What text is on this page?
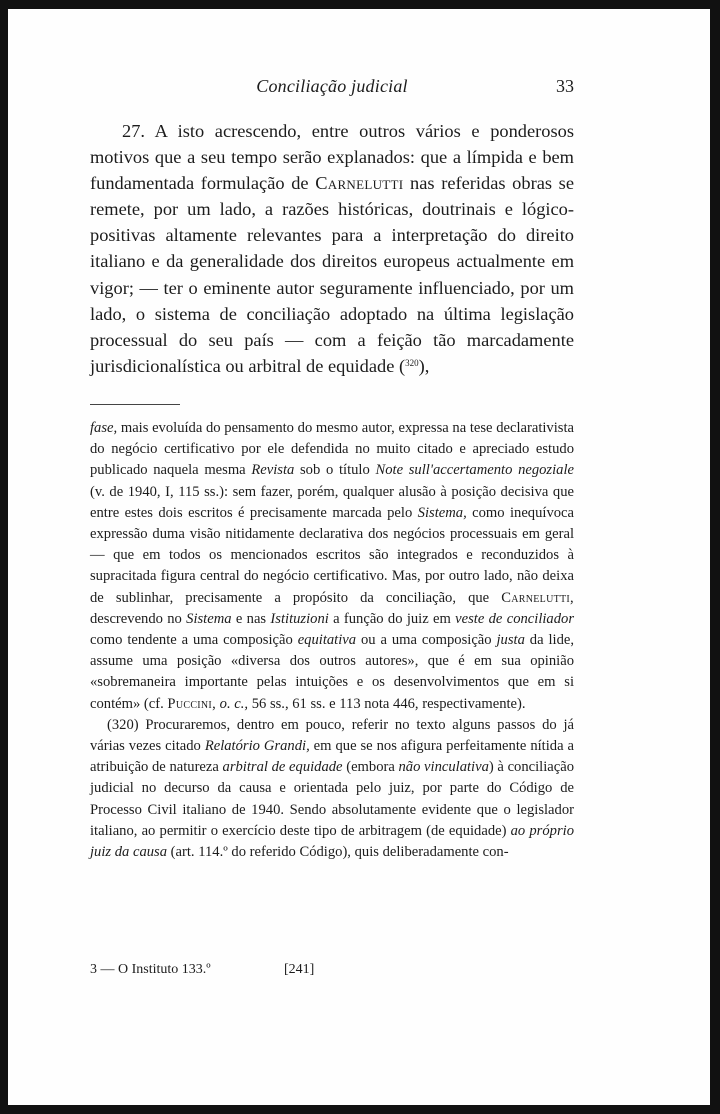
Conciliação judicial	33

27. A isto acrescendo, entre outros vários e ponderosos motivos que a seu tempo serão explanados: que a límpida e bem fundamentada formulação de Carnelutti nas referidas obras se remete, por um lado, a razões históricas, doutrinais e lógico-positivas altamente relevantes para a interpretação do direito italiano e da generalidade dos direitos europeus actualmente em vigor; — ter o eminente autor seguramente influenciado, por um lado, o sistema de conciliação adoptado na última legislação processual do seu país — com a feição tão marcadamente jurisdicionalística ou arbitral de equidade ($^{320}$),

fase, mais evoluída do pensamento do mesmo autor, expressa na tese declarativista do negócio certificativo por ele defendida no muito citado e apreciado estudo publicado naquela mesma Revista sob o título Note sull'accertamento negoziale (v. de 1940, I, 115 ss.): sem fazer, porém, qualquer alusão à posição decisiva que entre estes dois escritos é precisamente marcada pelo Sistema, como inequívoca expressão duma visão nitidamente declarativa dos negócios processuais em geral — que em todos os mencionados escritos são integrados e reconduzidos à supracitada figura central do negócio certificativo. Mas, por outro lado, não deixa de sublinhar, precisamente a propósito da conciliação, que Carnelutti, descrevendo no Sistema e nas Istituzioni a função do juiz em veste de conciliador como tendente a uma composição equitativa ou a uma composição justa da lide, assume uma posição «diversa dos outros autores», que é em sua opinião «sobremaneira importante pelas intuições e os desenvolvimentos que em si contém» (cf. Puccini, o. c., 56 ss., 61 ss. e 113 nota 446, respectivamente).

(320) Procuraremos, dentro em pouco, referir no texto alguns passos do já várias vezes citado Relatório Grandi, em que se nos afigura perfeitamente nítida a atribuição de natureza arbitral de equidade (embora não vinculativa) à conciliação judicial no decurso da causa e orientada pelo juiz, por parte do Código de Processo Civil italiano de 1940. Sendo absolutamente evidente que o legislador italiano, ao permitir o exercício deste tipo de arbitragem (de equidade) ao próprio juiz da causa (art. 114.º do referido Código), quis deliberadamente con-

3 — O Instituto 133.º	[241]
